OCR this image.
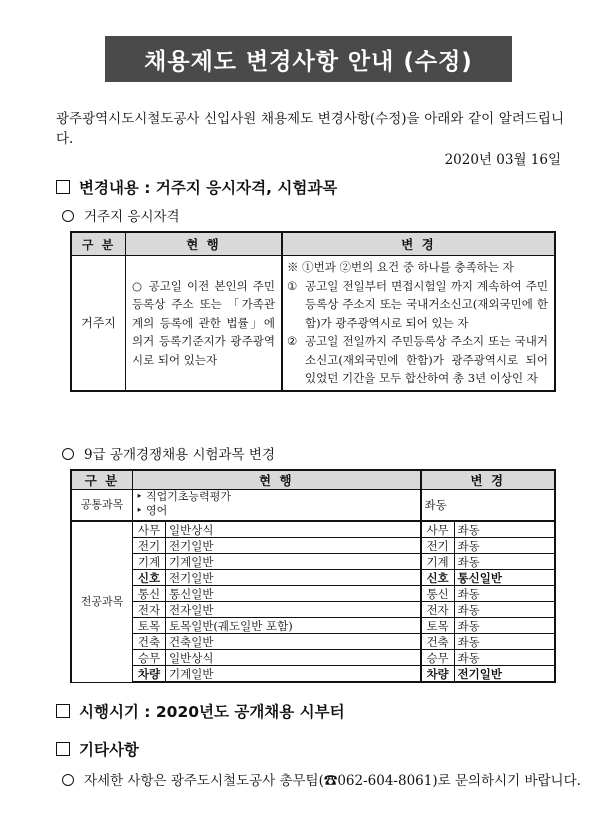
채용제도 변경사항 안내 (수정)
광주광역시도시철도공사 신입사원 채용제도 변경사항(수정)을 아래와 같이 알려드립니다.
2020년 03월 16일
변경내용 : 거주지 응시자격, 시험과목
거주지 응시자격
구 분	현 행	변 경
거주지	○ 공고일 이전 본인의 주민등록상 주소 또는 「가족관계의 등록에 관한 법률」에 의거 등록기준지가 광주광역시로 되어 있는자	※ ①번과 ②번의 요건 중 하나를 충족하는 자
① 공고일 전일부터 면접시험일 까지 계속하여 주민등록상 주소지 또는 국내거소신고(재외국민에 한함)가 광주광역시로 되어 있는 자
② 공고일 전일까지 주민등록상 주소지 또는 국내거소신고(재외국민에 한함)가 광주광역시로 되어 있었던 기간을 모두 합산하여 총 3년 이상인 자
9급 공개경쟁채용 시험과목 변경
구 분	현 행		변 경	
공통과목	‣ 직업기초능력평가
‣ 영어		좌동	
전공과목	사무	일반상식	사무	좌동
	전기	전기일반	전기	좌동
	기계	기계일반	기계	좌동
	신호	전기일반	신호	통신일반
	통신	통신일반	통신	좌동
	전자	전자일반	전자	좌동
	토목	토목일반(궤도일반 포함)	토목	좌동
	건축	건축일반	건축	좌동
	승무	일반상식	승무	좌동
	차량	기계일반	차량	전기일반
시행시기 : 2020년도 공개채용 시부터
기타사항
자세한 사항은 광주도시철도공사 총무팀(☎062-604-8061)로 문의하시기 바랍니다.
